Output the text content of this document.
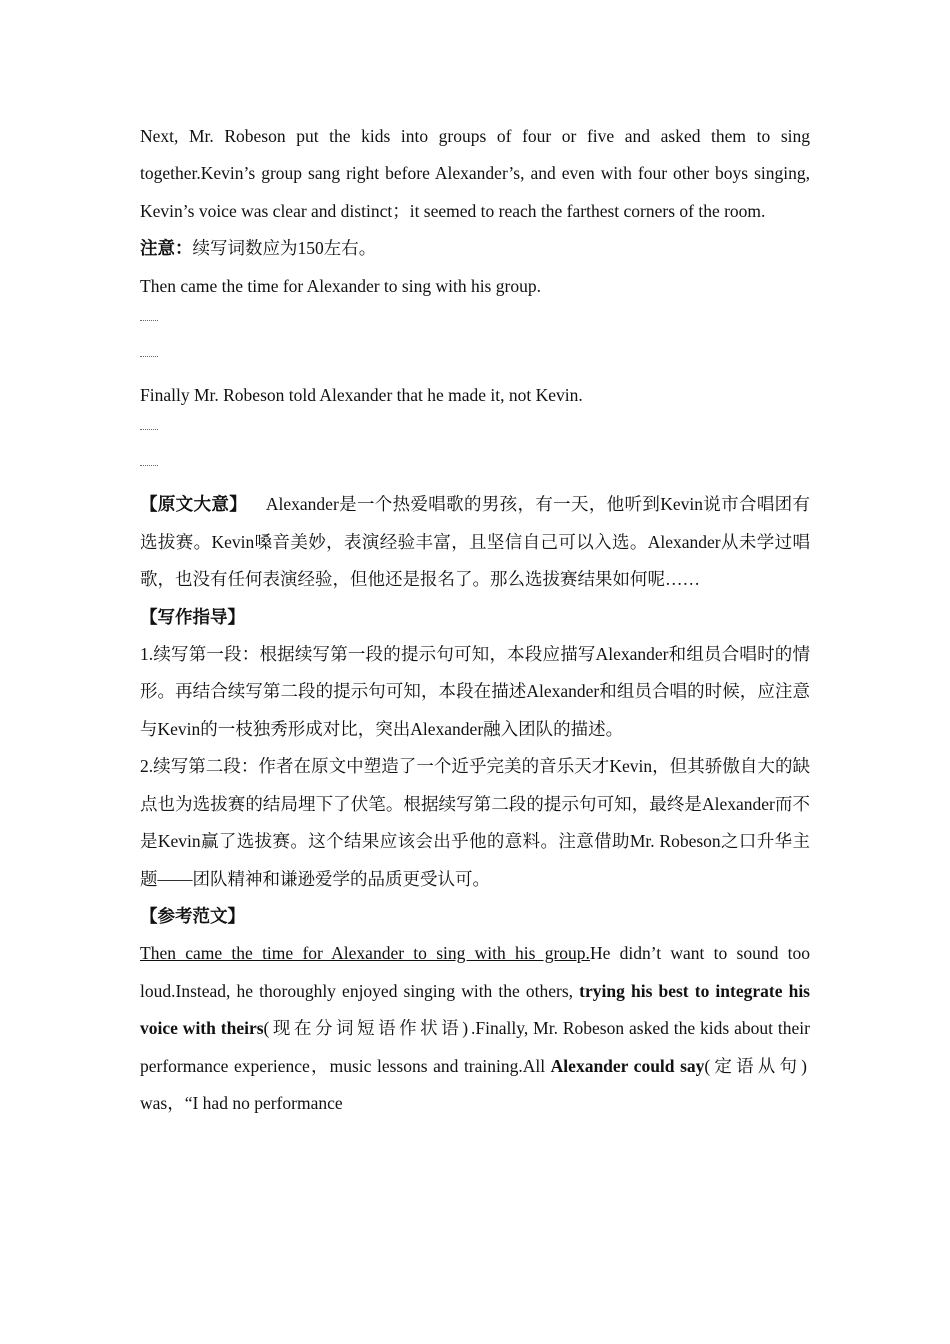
Next, Mr. Robeson put the kids into groups of four or five and asked them to sing together.Kevin’s group sang right before Alexander’s, and even with four other boys singing, Kevin’s voice was clear and distinct；it seemed to reach the farthest corners of the room.

注意：续写词数应为150左右。

Then came the time for Alexander to sing with his group.

Finally Mr. Robeson told Alexander that he made it, not Kevin.

【原文大意】 Alexander是一个热爱唱歌的男孩，有一天，他听到Kevin说市合唱团有选拔赛。Kevin嗓音美妙，表演经验丰富，且坚信自己可以入选。Alexander从未学过唱歌，也没有任何表演经验，但他还是报名了。那么选拔赛结果如何呢……

【写作指导】

1.续写第一段：根据续写第一段的提示句可知，本段应描写Alexander和组员合唱时的情形。再结合续写第二段的提示句可知，本段在描述Alexander和组员合唱的时候，应注意与Kevin的一枝独秀形成对比，突出Alexander融入团队的描述。

2.续写第二段：作者在原文中塑造了一个近乎完美的音乐天才Kevin，但其骄傲自大的缺点也为选拔赛的结局埋下了伏笔。根据续写第二段的提示句可知，最终是Alexander而不是Kevin赢了选拔赛。这个结果应该会出乎他的意料。注意借助Mr. Robeson之口升华主题——团队精神和谦逊爱学的品质更受认可。

【参考范文】

Then came the time for Alexander to sing with his group.He didn’t want to sound too loud.Instead, he thoroughly enjoyed singing with the others, trying his best to integrate his voice with theirs(现在分词短语作状语).Finally, Mr. Robeson asked the kids about their performance experience，music lessons and training.All Alexander could say(定语从句) was，“I had no performance
